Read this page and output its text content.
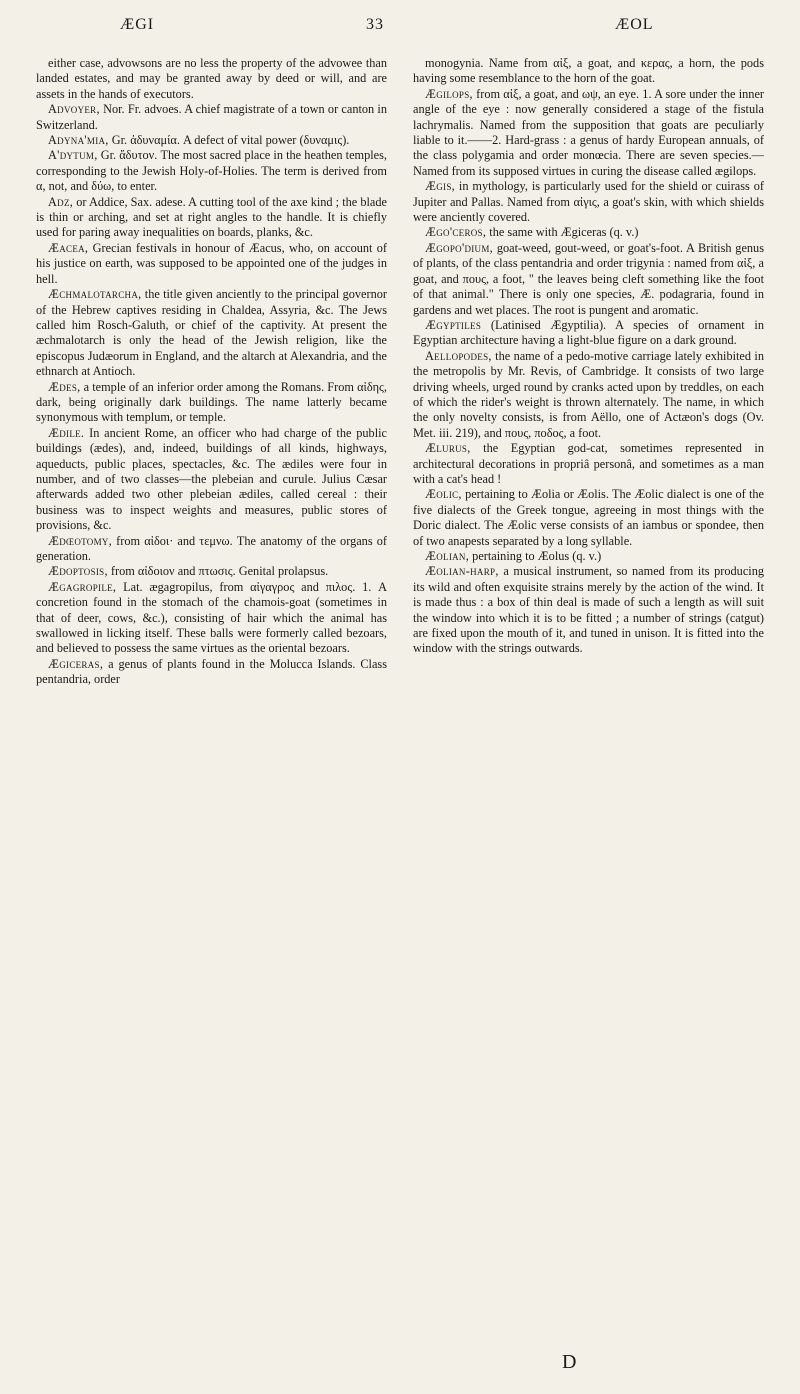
ÆGI	33	ÆOL

either case, advowsons are no less the property of the advowee than landed estates, and may be granted away by deed or will, and are assets in the hands of executors.

Advoyer, Nor. Fr. advoes. A chief magistrate of a town or canton in Switzerland.

Adyna'mia, Gr. ἀδυναμία. A defect of vital power (δυναμις).

A'dytum, Gr. ἄδυτον. The most sacred place in the heathen temples, corresponding to the Jewish Holy-of-Holies. The term is derived from α, not, and δύω, to enter.

Adz, or Addice, Sax. adese. A cutting tool of the axe kind ; the blade is thin or arching, and set at right angles to the handle. It is chiefly used for paring away inequalities on boards, planks, &c.

Æacea, Grecian festivals in honour of Æacus, who, on account of his justice on earth, was supposed to be appointed one of the judges in hell.

Æchmalotarcha, the title given anciently to the principal governor of the Hebrew captives residing in Chaldea, Assyria, &c. The Jews called him Rosch-Galuth, or chief of the captivity. At present the æchmalotarch is only the head of the Jewish religion, like the episcopus Judæorum in England, and the altarch at Alexandria, and the ethnarch at Antioch.

Ædes, a temple of an inferior order among the Romans. From αἰδης, dark, being originally dark buildings. The name latterly became synonymous with templum, or temple.

Ædile. In ancient Rome, an officer who had charge of the public buildings (ædes), and, indeed, buildings of all kinds, highways, aqueducts, public places, spectacles, &c. The ædiles were four in number, and of two classes—the plebeian and curule. Julius Cæsar afterwards added two other plebeian ædiles, called cereal : their business was to inspect weights and measures, public stores of provisions, &c.

Ædœotomy, from αἰδοι· and τεμνω. The anatomy of the organs of generation.

Ædoptosis, from αἰδοιον and πτωσις. Genital prolapsus.

Ægagropile, Lat. ægagropilus, from αἰγαγρος and πιλος. 1. A concretion found in the stomach of the chamois-goat (sometimes in that of deer, cows, &c.), consisting of hair which the animal has swallowed in licking itself. These balls were formerly called bezoars, and believed to possess the same virtues as the oriental bezoars.

Ægiceras, a genus of plants found in the Molucca Islands. Class pentandria, order

monogynia. Name from αἰξ, a goat, and κερας, a horn, the pods having some resemblance to the horn of the goat.

Ægilops, from αἰξ, a goat, and ωψ, an eye. 1. A sore under the inner angle of the eye : now generally considered a stage of the fistula lachrymalis. Named from the supposition that goats are peculiarly liable to it.——2. Hard-grass : a genus of hardy European annuals, of the class polygamia and order monœcia. There are seven species.—Named from its supposed virtues in curing the disease called ægilops.

Ægis, in mythology, is particularly used for the shield or cuirass of Jupiter and Pallas. Named from αἰγις, a goat's skin, with which shields were anciently covered.

Ægo'ceros, the same with Ægiceras (q. v.)

Ægopo'dium, goat-weed, gout-weed, or goat's-foot. A British genus of plants, of the class pentandria and order trigynia : named from αἰξ, a goat, and πους, a foot, " the leaves being cleft something like the foot of that animal." There is only one species, Æ. podagraria, found in gardens and wet places. The root is pungent and aromatic.

Ægyptiles (Latinised Ægyptilia). A species of ornament in Egyptian architecture having a light-blue figure on a dark ground.

Aellopodes, the name of a pedo-motive carriage lately exhibited in the metropolis by Mr. Revis, of Cambridge. It consists of two large driving wheels, urged round by cranks acted upon by treddles, on each of which the rider's weight is thrown alternately. The name, in which the only novelty consists, is from Aëllo, one of Actæon's dogs (Ov. Met. iii. 219), and πους, ποδος, a foot.

Ælurus, the Egyptian god-cat, sometimes represented in architectural decorations in propriâ personâ, and sometimes as a man with a cat's head !

Æolic, pertaining to Æolia or Æolis. The Æolic dialect is one of the five dialects of the Greek tongue, agreeing in most things with the Doric dialect. The Æolic verse consists of an iambus or spondee, then of two anapests separated by a long syllable.

Æolian, pertaining to Æolus (q. v.)

Æolian-harp, a musical instrument, so named from its producing its wild and often exquisite strains merely by the action of the wind. It is made thus : a box of thin deal is made of such a length as will suit the window into which it is to be fitted ; a number of strings (catgut) are fixed upon the mouth of it, and tuned in unison. It is fitted into the window with the strings outwards.

D
